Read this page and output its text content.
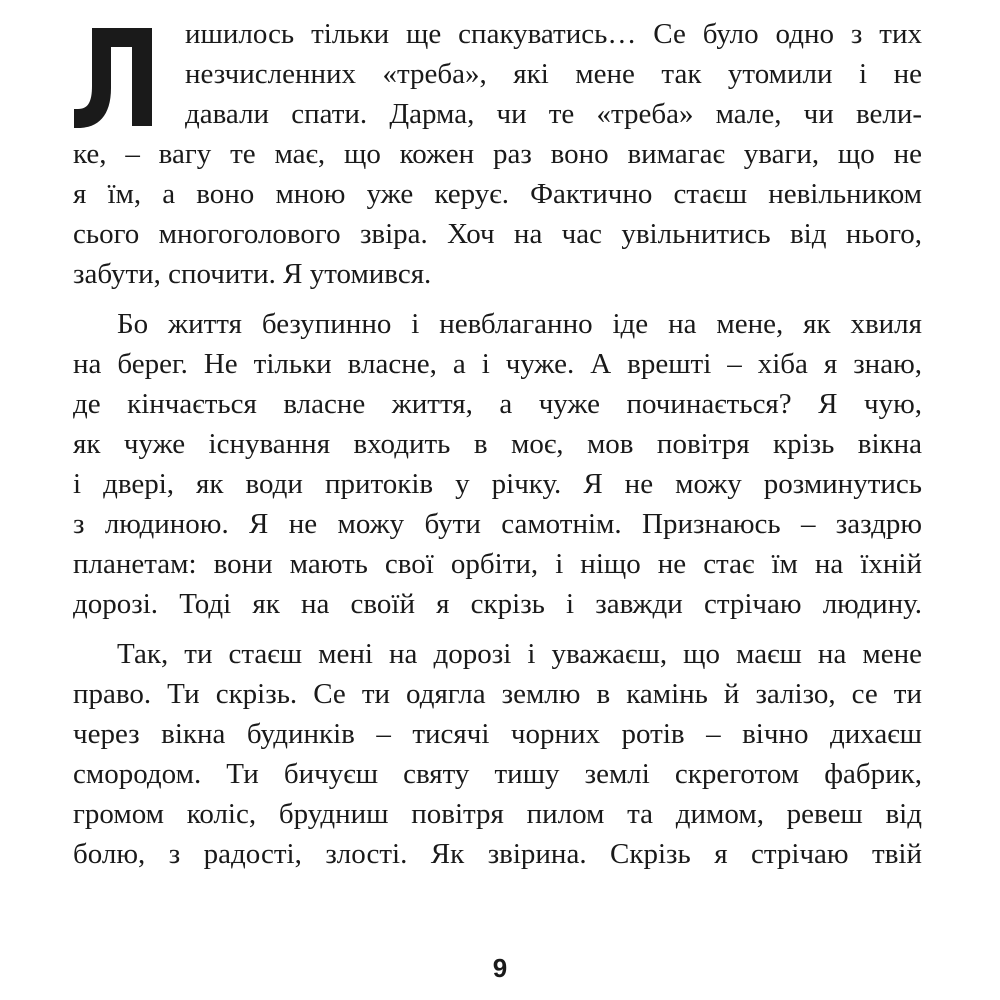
ишилось тільки ще спакуватись… Се було одно з тих

незчисленних «треба», які мене так утомили і не

давали спати. Дарма, чи те «треба» мале, чи вели-

ке, – вагу те має, що кожен раз воно вимагає уваги, що не

я їм, а воно мною уже керує. Фактично стаєш невільником

сього многоголового звіра. Хоч на час увільнитись від нього,

забути, спочити. Я утомився.

Бо життя безупинно і невблаганно іде на мене, як хвиля

на берег. Не тільки власне, а і чуже. А врешті – хіба я знаю,

де кінчається власне життя, а чуже починається? Я чую,

як чуже існування входить в моє, мов повітря крізь вікна

і двері, як води притоків у річку. Я не можу розминутись

з людиною. Я не можу бути самотнім. Признаюсь – заздрю

планетам: вони мають свої орбіти, і ніщо не стає їм на їхній

дорозі. Тоді як на своїй я скрізь і завжди стрічаю людину.

Так, ти стаєш мені на дорозі і уважаєш, що маєш на мене

право. Ти скрізь. Се ти одягла землю в камінь й залізо, се ти

через вікна будинків – тисячі чорних ротів – вічно дихаєш

смородом. Ти бичуєш святу тишу землі скреготом фабрик,

громом коліс, брудниш повітря пилом та димом, ревеш від

болю, з радості, злості. Як звірина. Скрізь я стрічаю твій

9
